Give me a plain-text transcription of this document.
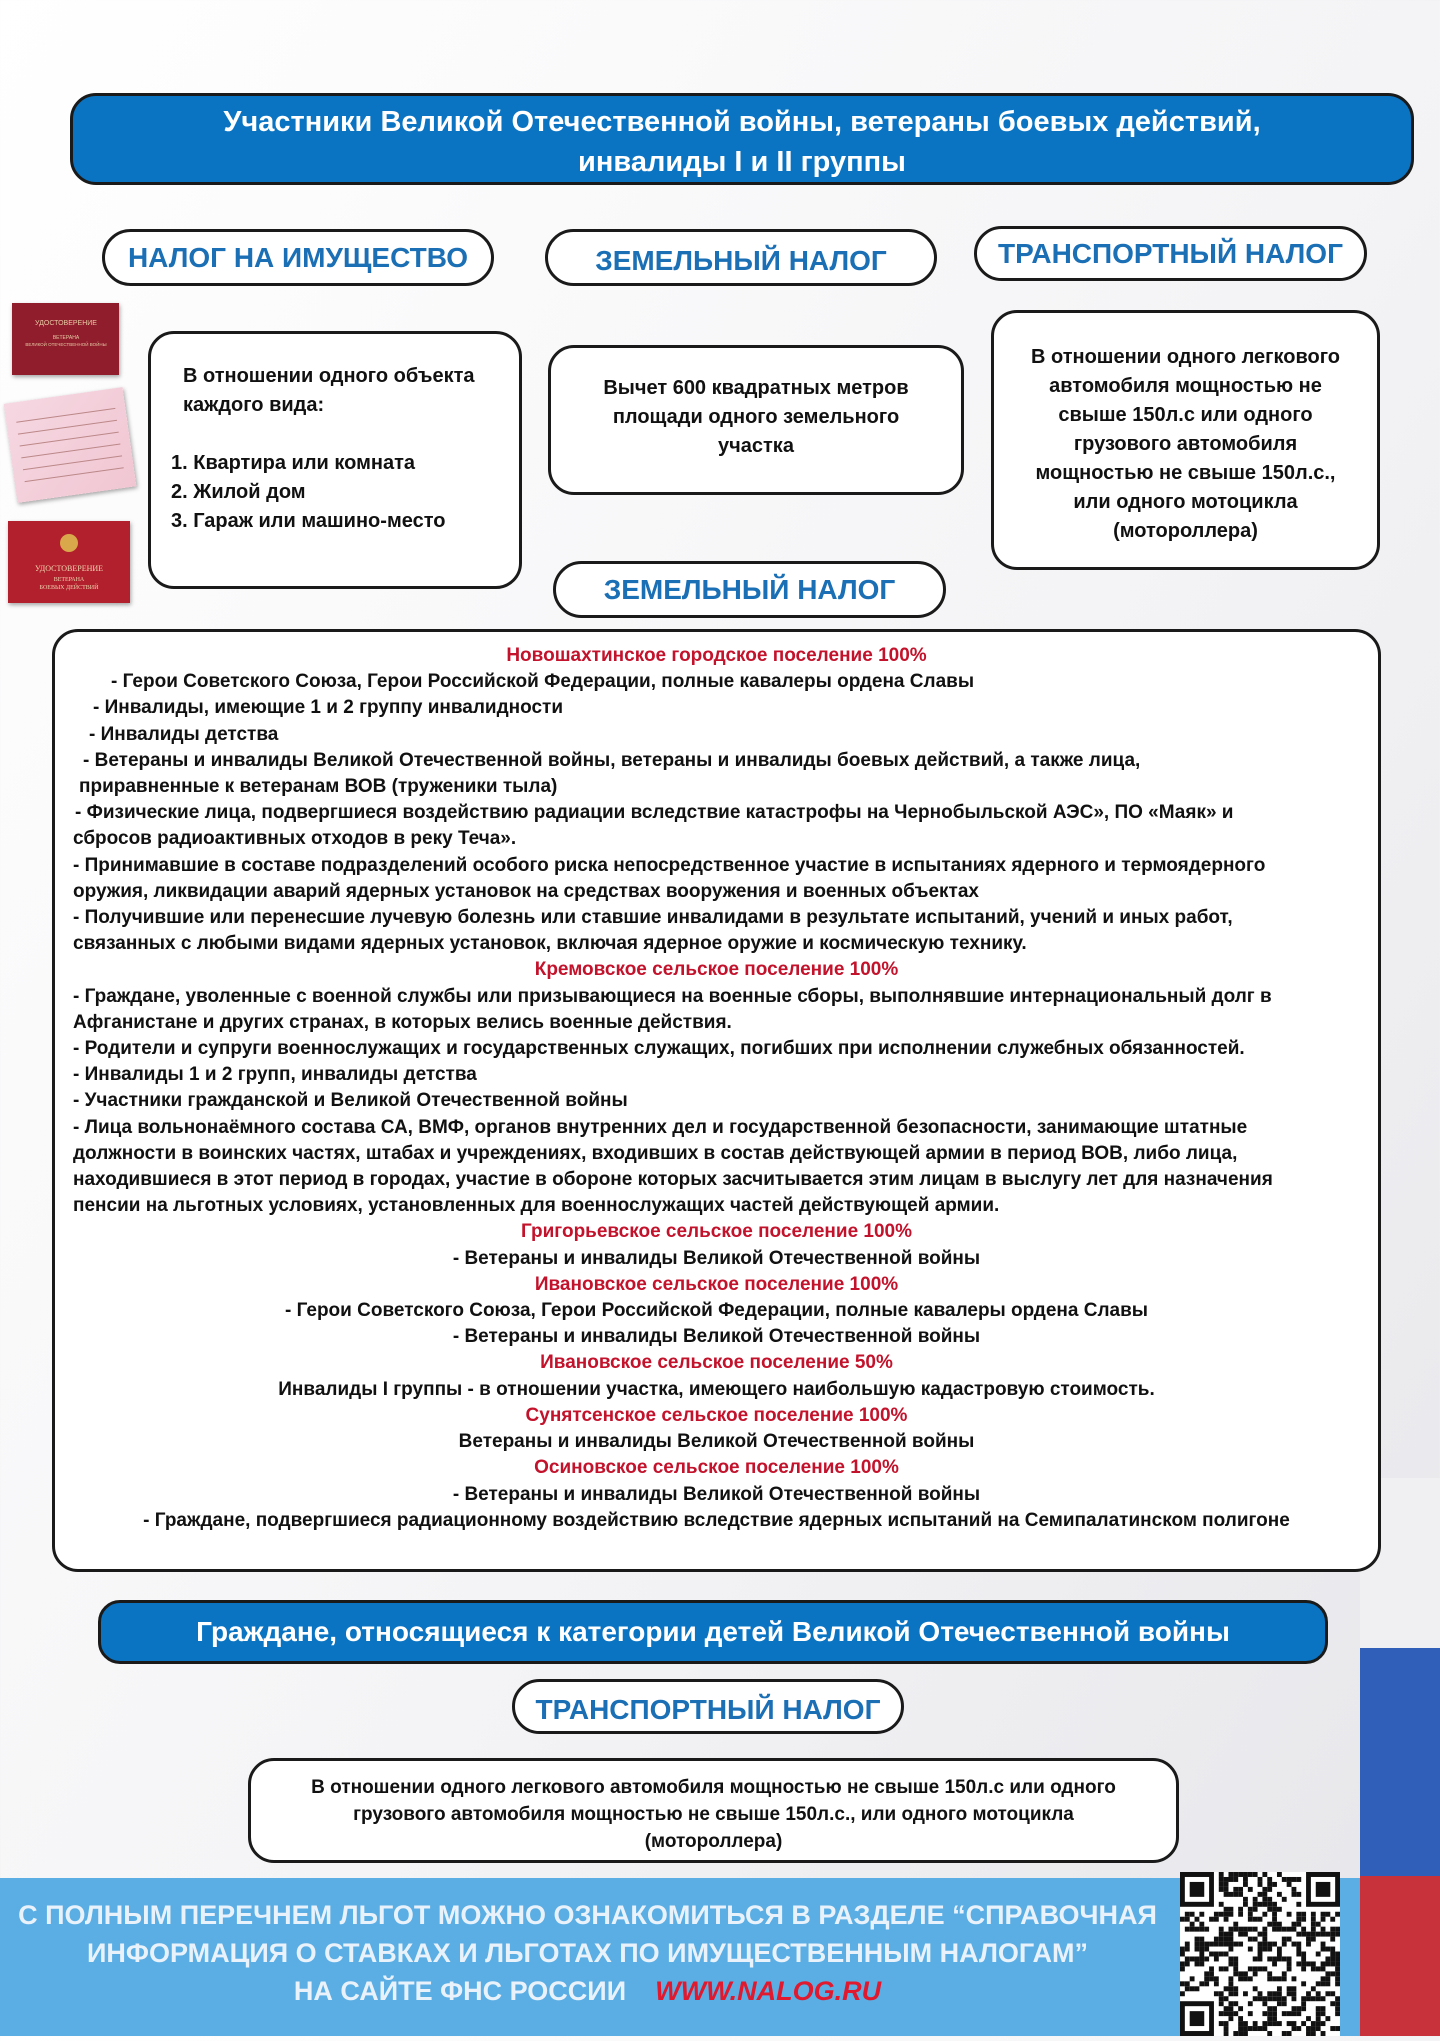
Участники Великой Отечественной войны, ветераны боевых действий,
инвалиды I и II группы
НАЛОГ НА ИМУЩЕСТВО	ЗЕМЕЛЬНЫЙ НАЛОГ	ТРАНСПОРТНЫЙ НАЛОГ
УДОСТОВЕРЕНИЕ
ВЕТЕРАНА
ВЕЛИКОЙ ОТЕЧЕСТВЕННОЙ ВОЙНЫ
УДОСТОВЕРЕНИЕ
ВЕТЕРАНА
БОЕВЫХ ДЕЙСТВИЙ
В отношении одного объекта каждого вида:
1. Квартира или комната
2. Жилой дом
3. Гараж или машино-место
Вычет 600 квадратных метров площади одного земельного участка
В отношении одного легкового автомобиля мощностью не свыше 150л.с или одного грузового автомобиля мощностью не свыше 150л.с., или одного мотоцикла (мотороллера)
ЗЕМЕЛЬНЫЙ НАЛОГ
Новошахтинское городское поселение 100%
- Герои Советского Союза, Герои Российской Федерации, полные кавалеры ордена Славы
- Инвалиды, имеющие 1 и 2 группу инвалидности
- Инвалиды детства
- Ветераны и инвалиды Великой Отечественной войны, ветераны и инвалиды боевых действий, а также лица,
приравненные к ветеранам ВОВ (труженики тыла)
- Физические лица, подвергшиеся воздействию радиации вследствие катастрофы на Чернобыльской АЭС», ПО «Маяк» и
сбросов радиоактивных отходов в реку Теча».
- Принимавшие в составе подразделений особого риска непосредственное участие в испытаниях ядерного и термоядерного
оружия, ликвидации аварий ядерных установок на средствах вооружения и военных объектах
- Получившие или перенесшие лучевую болезнь или ставшие инвалидами в результате испытаний, учений и иных работ,
связанных с любыми видами ядерных установок, включая ядерное оружие и космическую технику.
Кремовское сельское поселение 100%
- Граждане, уволенные с военной службы или призывающиеся на военные сборы, выполнявшие интернациональный долг в
Афганистане и других странах, в которых велись военные действия.
- Родители и супруги военнослужащих и государственных служащих, погибших при исполнении служебных обязанностей.
- Инвалиды 1 и 2 групп, инвалиды детства
- Участники гражданской и Великой Отечественной войны
- Лица вольнонаёмного состава СА, ВМФ, органов внутренних дел и государственной безопасности, занимающие штатные
должности в воинских частях, штабах и учреждениях, входивших в состав действующей армии в период ВОВ, либо лица,
находившиеся в этот период в городах, участие в обороне которых засчитывается этим лицам в выслугу лет для назначения
пенсии на льготных условиях, установленных для военнослужащих частей действующей армии.
Григорьевское сельское поселение 100%
- Ветераны и инвалиды Великой Отечественной войны
Ивановское сельское поселение 100%
- Герои Советского Союза, Герои Российской Федерации, полные кавалеры ордена Славы
- Ветераны и инвалиды Великой Отечественной войны
Ивановское сельское поселение 50%
Инвалиды I группы - в отношении участка, имеющего наибольшую кадастровую стоимость.
Сунятсенское сельское поселение 100%
Ветераны и инвалиды Великой Отечественной войны
Осиновское сельское поселение 100%
- Ветераны и инвалиды Великой Отечественной войны
- Граждане, подвергшиеся радиационному воздействию вследствие ядерных испытаний на Семипалатинском полигоне
Граждане, относящиеся к категории детей Великой Отечественной войны
ТРАНСПОРТНЫЙ НАЛОГ
В отношении одного легкового автомобиля мощностью не свыше 150л.с или одного грузового автомобиля мощностью не свыше 150л.с., или одного мотоцикла (мотороллера)
С ПОЛНЫМ ПЕРЕЧНЕМ ЛЬГОТ МОЖНО ОЗНАКОМИТЬСЯ В РАЗДЕЛЕ “СПРАВОЧНАЯ
ИНФОРМАЦИЯ О СТАВКАХ И ЛЬГОТАХ ПО ИМУЩЕСТВЕННЫМ НАЛОГАМ”
НА САЙТЕ ФНС РОССИИ WWW.NALOG.RU
